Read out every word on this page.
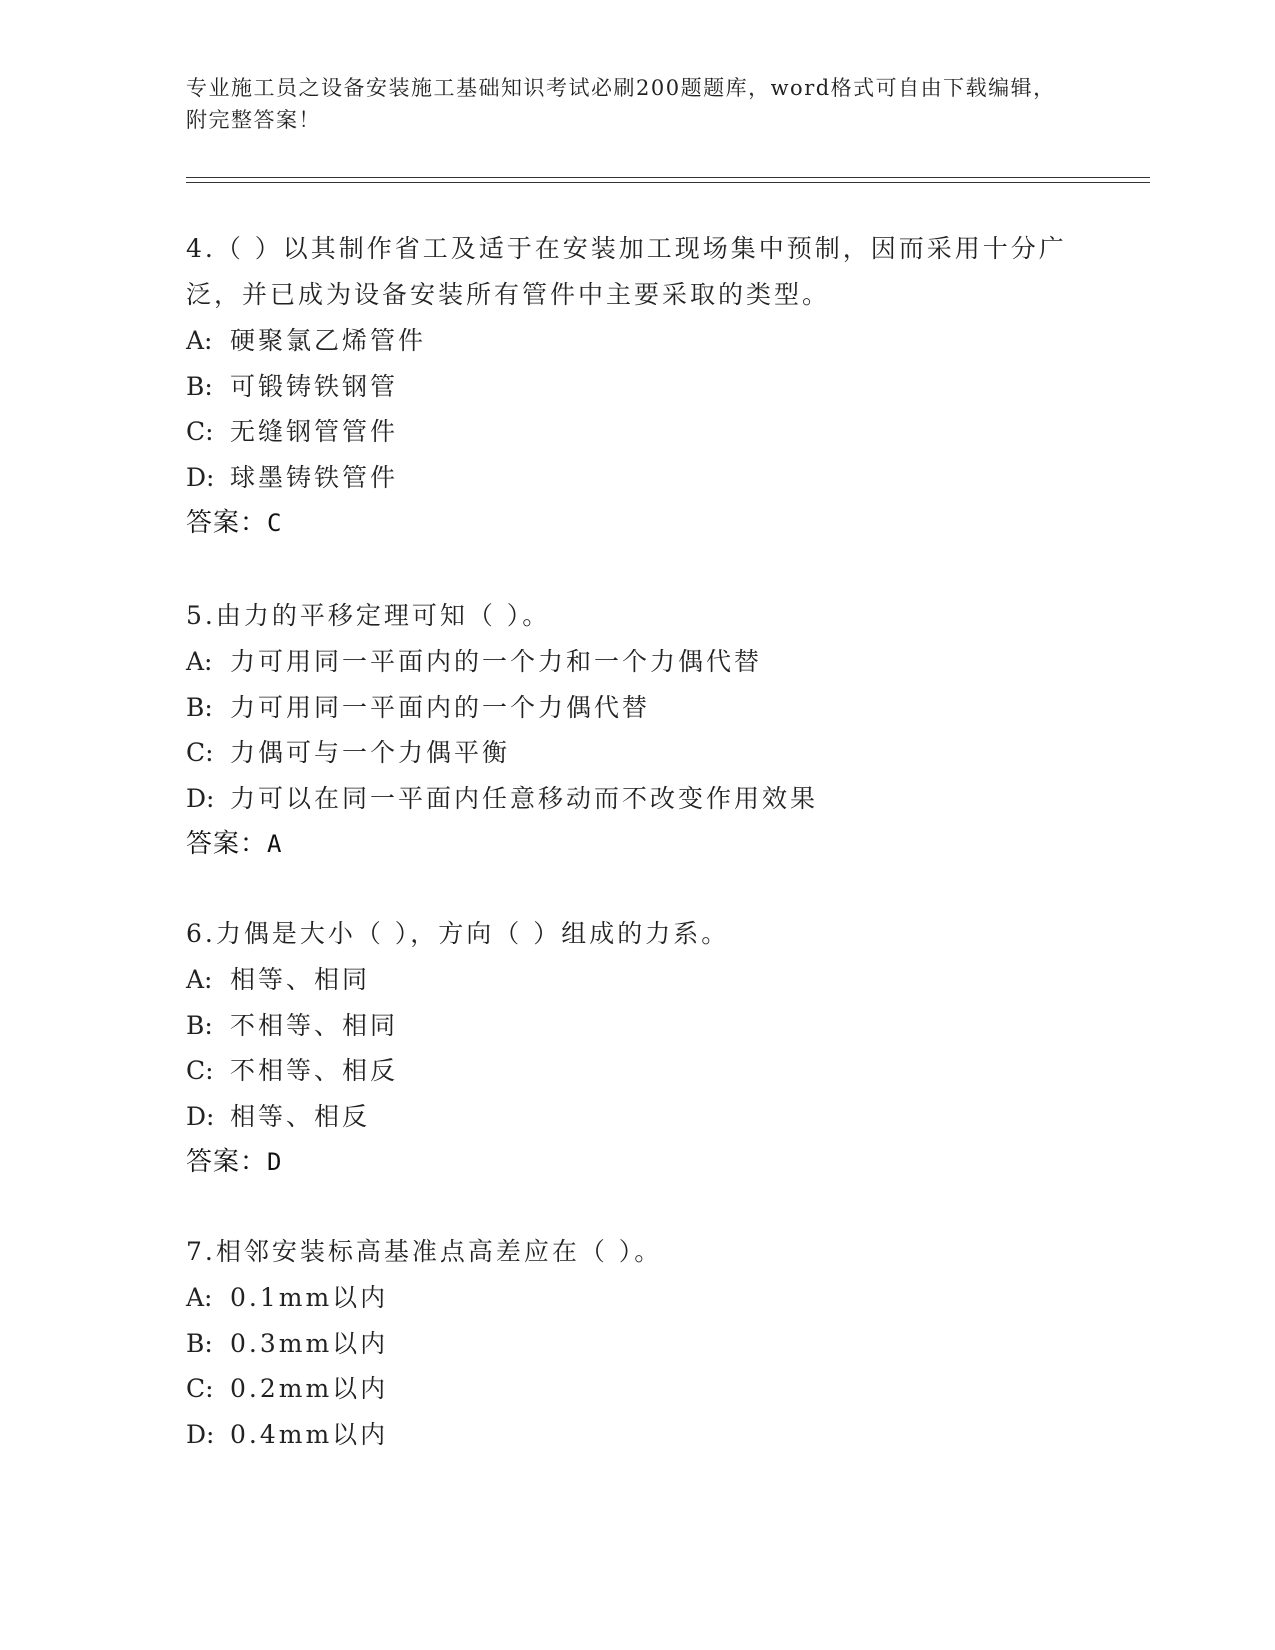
专业施工员之设备安装施工基础知识考试必刷200题题库，word格式可自由下载编辑，附完整答案！

4.（ ）以其制作省工及适于在安装加工现场集中预制，因而采用十分广泛，并已成为设备安装所有管件中主要采取的类型。

A: 硬聚氯乙烯管件

B: 可锻铸铁钢管

C: 无缝钢管管件

D: 球墨铸铁管件

答案：C

5.由力的平移定理可知（ ）。

A: 力可用同一平面内的一个力和一个力偶代替

B: 力可用同一平面内的一个力偶代替

C: 力偶可与一个力偶平衡

D: 力可以在同一平面内任意移动而不改变作用效果

答案：A

6.力偶是大小（ ），方向（ ）组成的力系。

A: 相等、相同

B: 不相等、相同

C: 不相等、相反

D: 相等、相反

答案：D

7.相邻安装标高基准点高差应在（ ）。

A: 0.1mm以内

B: 0.3mm以内

C: 0.2mm以内

D: 0.4mm以内
